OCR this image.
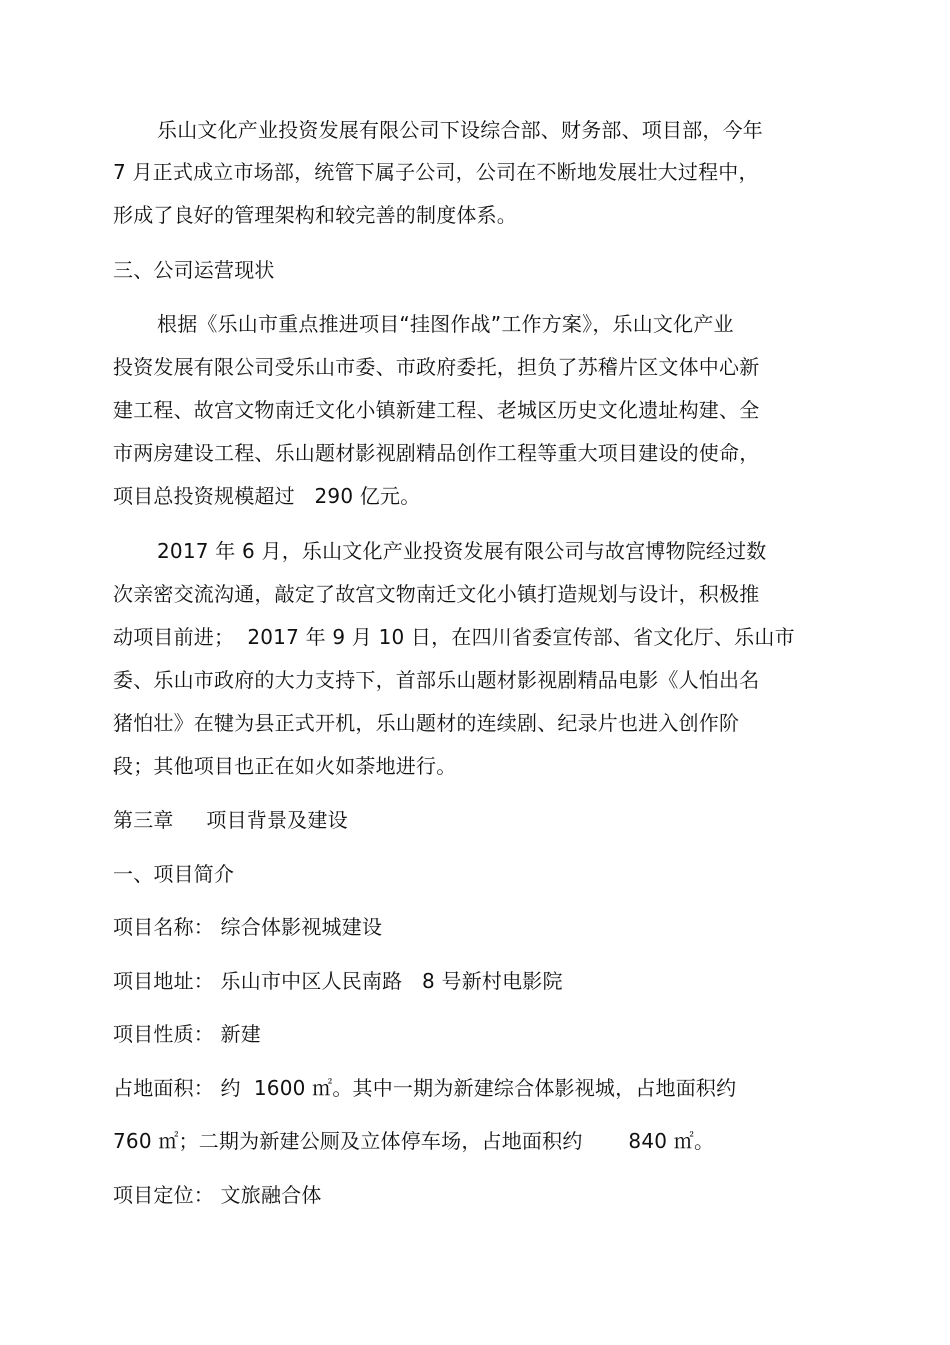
乐山文化产业投资发展有限公司下设综合部、财务部、项目部，今年
7 月正式成立市场部，统管下属子公司，公司在不断地发展壮大过程中，
形成了良好的管理架构和较完善的制度体系。
三、公司运营现状
根据《乐山市重点推进项目“挂图作战”工作方案》，乐山文化产业
投资发展有限公司受乐山市委、市政府委托，担负了苏稽片区文体中心新
建工程、故宫文物南迁文化小镇新建工程、老城区历史文化遗址构建、全
市两房建设工程、乐山题材影视剧精品创作工程等重大项目建设的使命，
项目总投资规模超过   290 亿元。
2017 年 6 月，乐山文化产业投资发展有限公司与故宫博物院经过数
次亲密交流沟通，敲定了故宫文物南迁文化小镇打造规划与设计，积极推
动项目前进；  2017 年 9 月 10 日，在四川省委宣传部、省文化厅、乐山市
委、乐山市政府的大力支持下，首部乐山题材影视剧精品电影《人怕出名
猪怕壮》在犍为县正式开机，乐山题材的连续剧、纪录片也进入创作阶
段；其他项目也正在如火如荼地进行。
第三章     项目背景及建设
一、项目简介
项目名称： 综合体影视城建设
项目地址： 乐山市中区人民南路   8 号新村电影院
项目性质： 新建
占地面积： 约  1600 ㎡。其中一期为新建综合体影视城，占地面积约
760 ㎡；二期为新建公厕及立体停车场，占地面积约       840 ㎡。
项目定位： 文旅融合体
